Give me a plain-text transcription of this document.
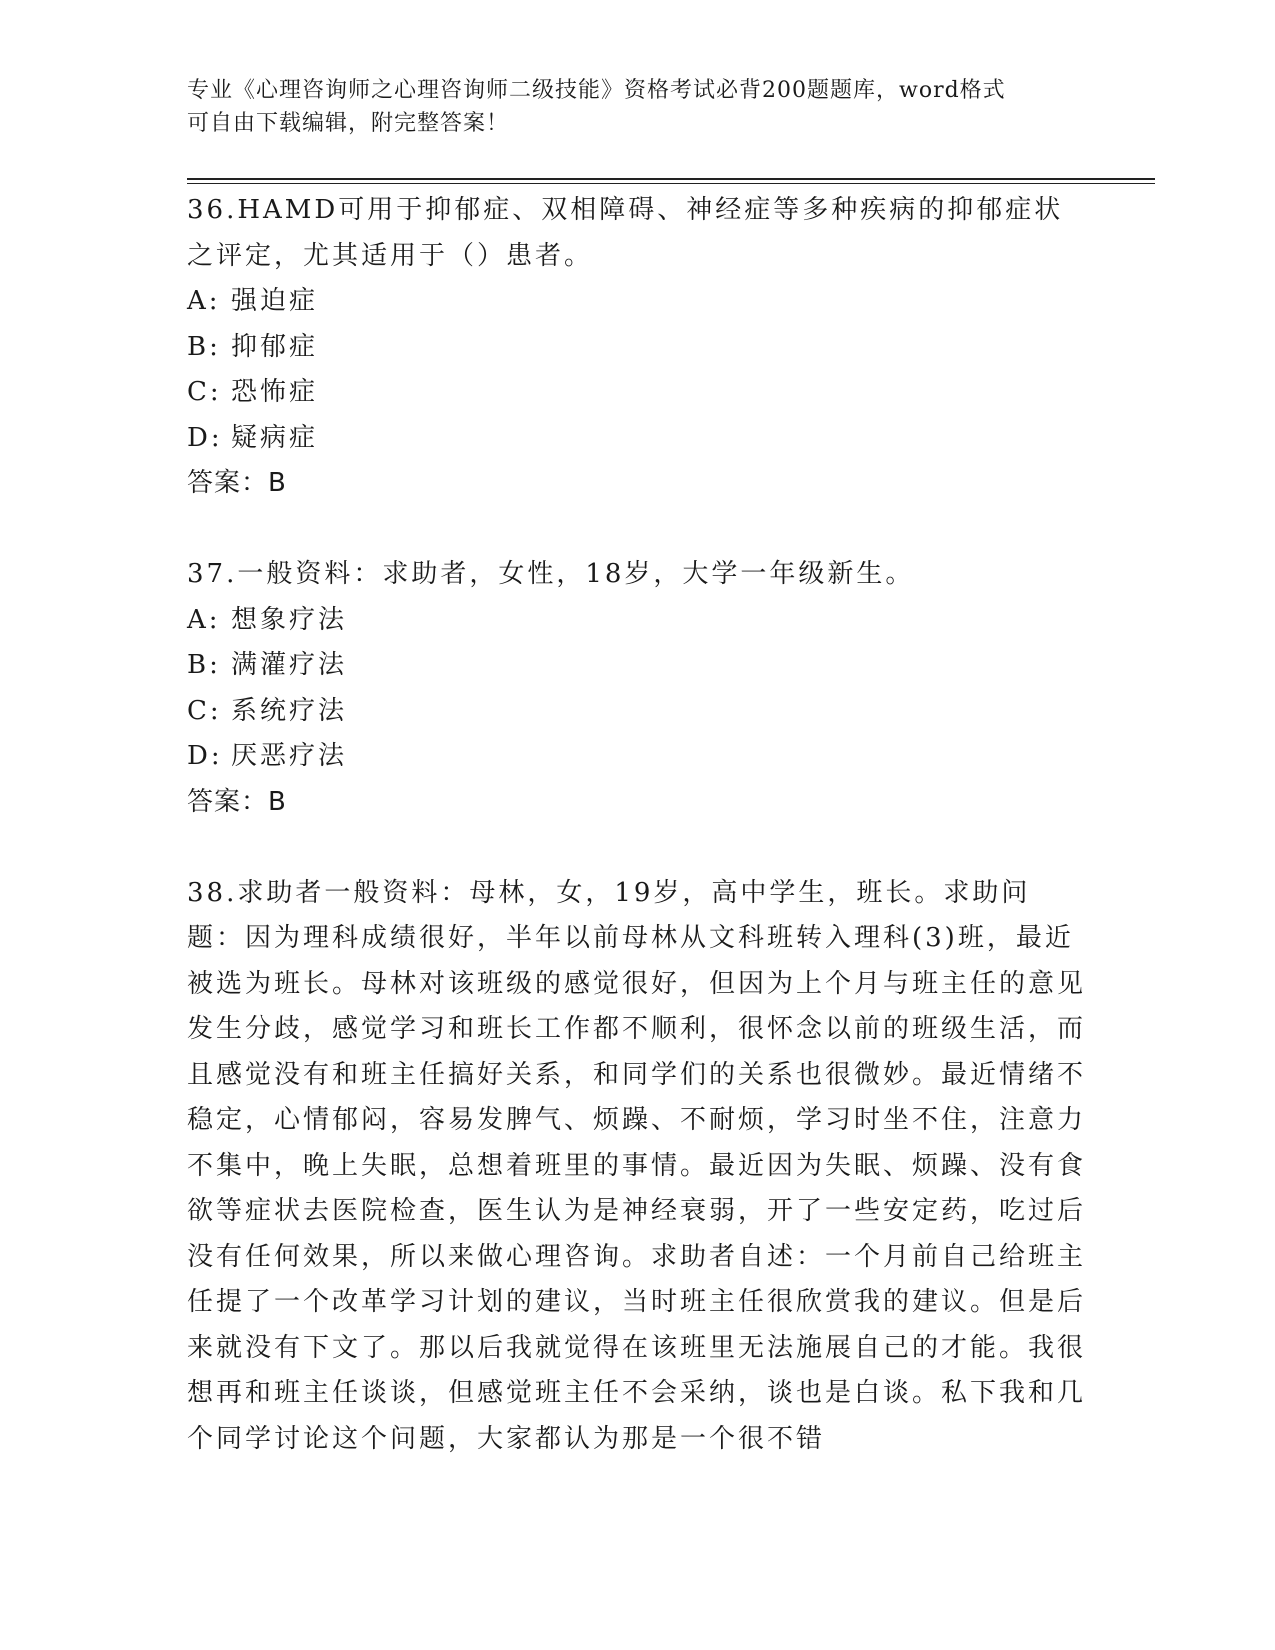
专业《心理咨询师之心理咨询师二级技能》资格考试必背200题题库，word格式
可自由下载编辑，附完整答案！

36.HAMD可用于抑郁症、双相障碍、神经症等多种疾病的抑郁症状之评定，尤其适用于（）患者。

A: 强迫症
B: 抑郁症
C: 恐怖症
D: 疑病症

答案：B

37.一般资料：求助者，女性，18岁，大学一年级新生。

A: 想象疗法
B: 满灌疗法
C: 系统疗法
D: 厌恶疗法

答案：B

38.求助者一般资料：母林，女，19岁，高中学生，班长。求助问题：因为理科成绩很好，半年以前母林从文科班转入理科(3)班，最近被选为班长。母林对该班级的感觉很好，但因为上个月与班主任的意见发生分歧，感觉学习和班长工作都不顺利，很怀念以前的班级生活，而且感觉没有和班主任搞好关系，和同学们的关系也很微妙。最近情绪不稳定，心情郁闷，容易发脾气、烦躁、不耐烦，学习时坐不住，注意力不集中，晚上失眠，总想着班里的事情。最近因为失眠、烦躁、没有食欲等症状去医院检查，医生认为是神经衰弱，开了一些安定药，吃过后没有任何效果，所以来做心理咨询。求助者自述：一个月前自己给班主任提了一个改革学习计划的建议，当时班主任很欣赏我的建议。但是后来就没有下文了。那以后我就觉得在该班里无法施展自己的才能。我很想再和班主任谈谈，但感觉班主任不会采纳，谈也是白谈。私下我和几个同学讨论这个问题，大家都认为那是一个很不错
